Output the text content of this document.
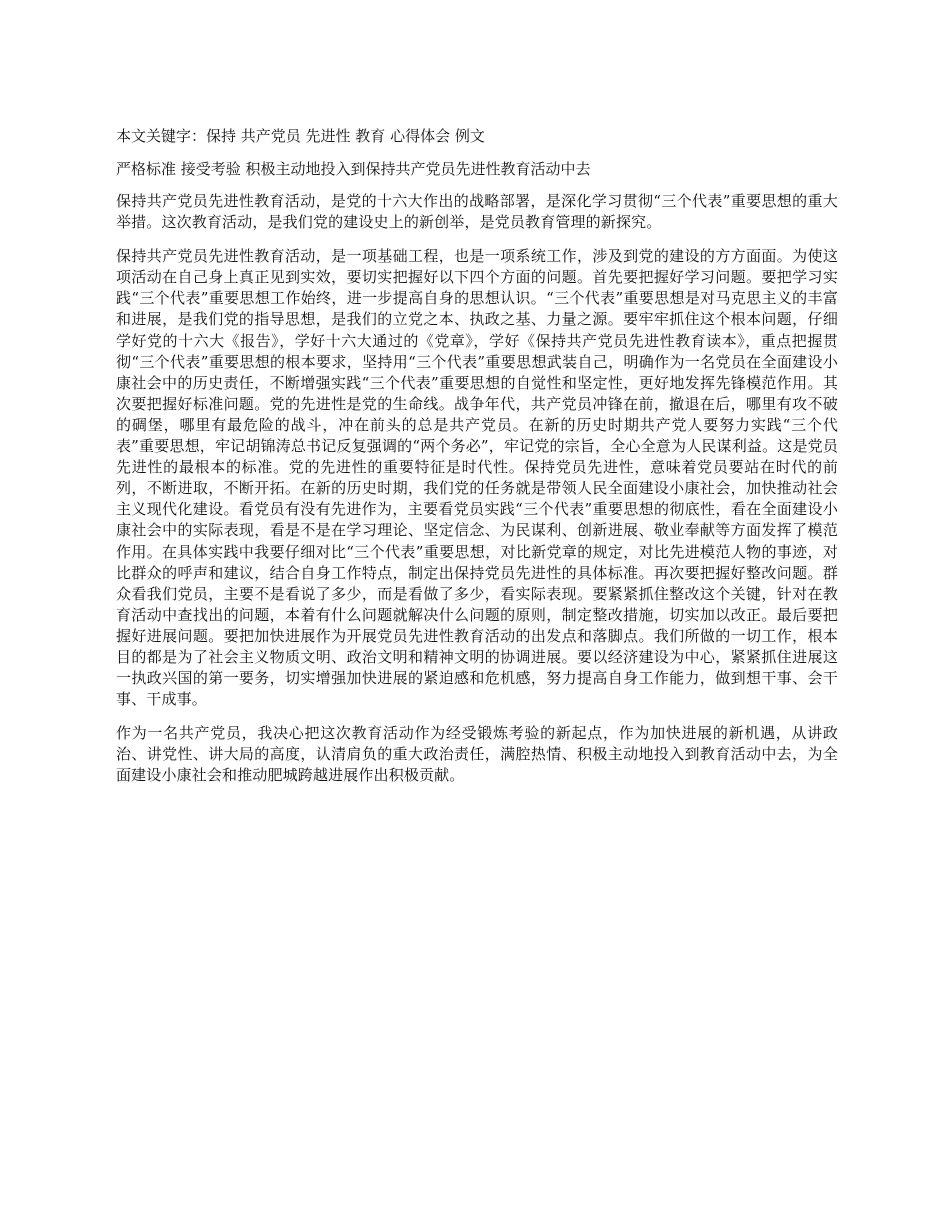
本文关键字：保持 共产党员 先进性 教育 心得体会 例文

严格标准 接受考验 积极主动地投入到保持共产党员先进性教育活动中去

保持共产党员先进性教育活动，是党的十六大作出的战略部署，是深化学习贯彻“三个代表”重要思想的重大举措。这次教育活动，是我们党的建设史上的新创举，是党员教育管理的新探究。

保持共产党员先进性教育活动，是一项基础工程，也是一项系统工作，涉及到党的建设的方方面面。为使这项活动在自己身上真正见到实效，要切实把握好以下四个方面的问题。首先要把握好学习问题。要把学习实践“三个代表”重要思想工作始终，进一步提高自身的思想认识。“三个代表”重要思想是对马克思主义的丰富和进展，是我们党的指导思想，是我们的立党之本、执政之基、力量之源。要牢牢抓住这个根本问题，仔细学好党的十六大《报告》，学好十六大通过的《党章》，学好《保持共产党员先进性教育读本》，重点把握贯彻“三个代表”重要思想的根本要求，坚持用“三个代表”重要思想武装自己，明确作为一名党员在全面建设小康社会中的历史责任，不断增强实践“三个代表”重要思想的自觉性和坚定性，更好地发挥先锋模范作用。其次要把握好标准问题。党的先进性是党的生命线。战争年代，共产党员冲锋在前，撤退在后，哪里有攻不破的碉堡，哪里有最危险的战斗，冲在前头的总是共产党员。在新的历史时期共产党人要努力实践“三个代表”重要思想，牢记胡锦涛总书记反复强调的“两个务必”，牢记党的宗旨，全心全意为人民谋利益。这是党员先进性的最根本的标准。党的先进性的重要特征是时代性。保持党员先进性，意味着党员要站在时代的前列，不断进取，不断开拓。在新的历史时期，我们党的任务就是带领人民全面建设小康社会，加快推动社会主义现代化建设。看党员有没有先进作为，主要看党员实践“三个代表”重要思想的彻底性，看在全面建设小康社会中的实际表现，看是不是在学习理论、坚定信念、为民谋利、创新进展、敬业奉献等方面发挥了模范作用。在具体实践中我要仔细对比“三个代表”重要思想，对比新党章的规定，对比先进模范人物的事迹，对比群众的呼声和建议，结合自身工作特点，制定出保持党员先进性的具体标准。再次要把握好整改问题。群众看我们党员，主要不是看说了多少，而是看做了多少，看实际表现。要紧紧抓住整改这个关键，针对在教育活动中查找出的问题，本着有什么问题就解决什么问题的原则，制定整改措施，切实加以改正。最后要把握好进展问题。要把加快进展作为开展党员先进性教育活动的出发点和落脚点。我们所做的一切工作，根本目的都是为了社会主义物质文明、政治文明和精神文明的协调进展。要以经济建设为中心，紧紧抓住进展这一执政兴国的第一要务，切实增强加快进展的紧迫感和危机感，努力提高自身工作能力，做到想干事、会干事、干成事。

作为一名共产党员，我决心把这次教育活动作为经受锻炼考验的新起点，作为加快进展的新机遇，从讲政治、讲党性、讲大局的高度，认清肩负的重大政治责任，满腔热情、积极主动地投入到教育活动中去，为全面建设小康社会和推动肥城跨越进展作出积极贡献。
